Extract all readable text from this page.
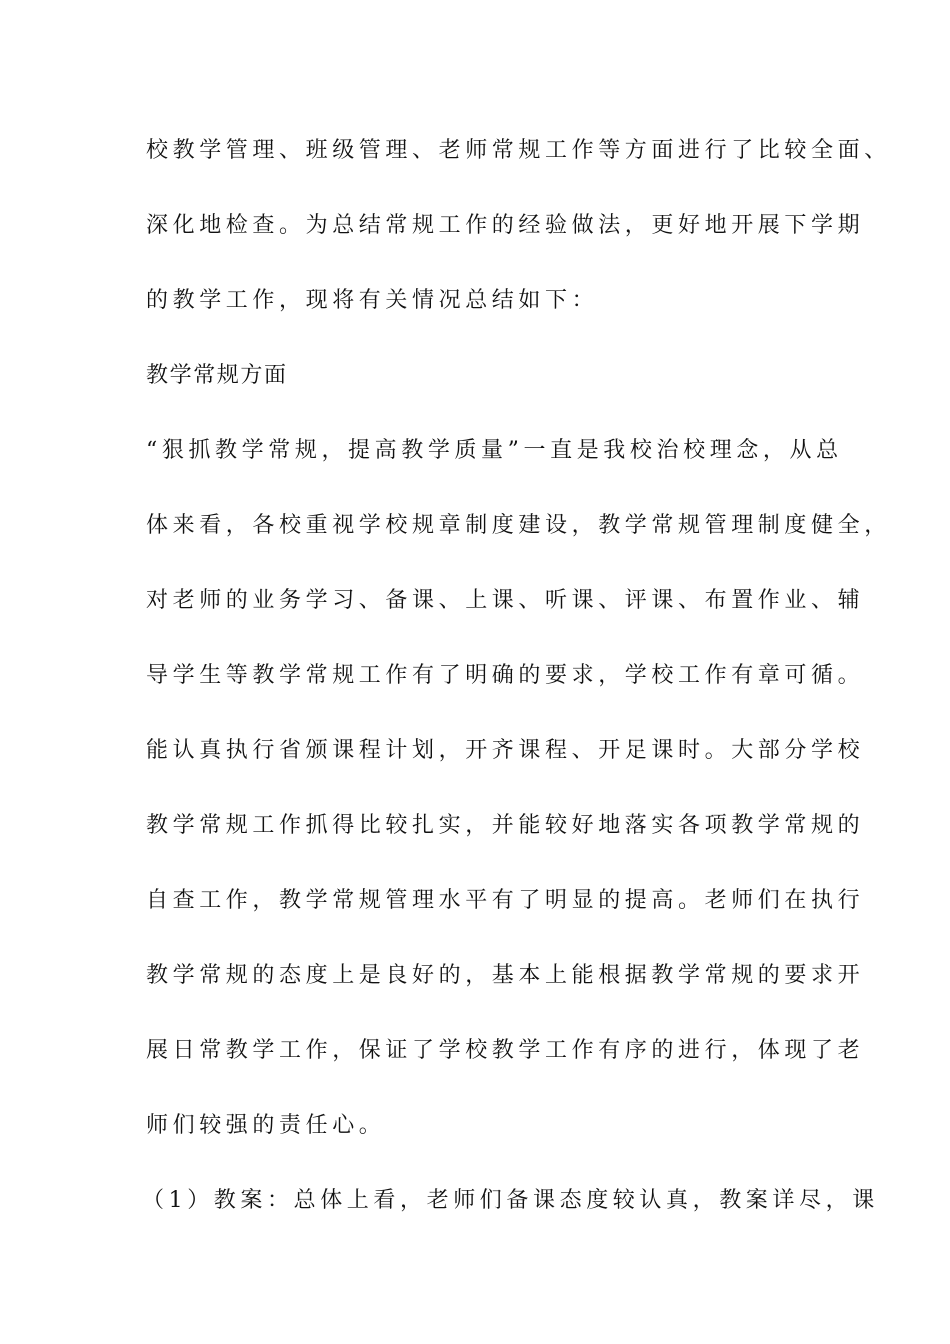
校教学管理、班级管理、老师常规工作等方面进行了比较全面、
深化地检查。为总结常规工作的经验做法，更好地开展下学期
的教学工作，现将有关情况总结如下：
教学常规方面
“狠抓教学常规，提高教学质量”一直是我校治校理念，从总
体来看，各校重视学校规章制度建设，教学常规管理制度健全，
对老师的业务学习、备课、上课、听课、评课、布置作业、辅
导学生等教学常规工作有了明确的要求，学校工作有章可循。
能认真执行省颁课程计划，开齐课程、开足课时。大部分学校
教学常规工作抓得比较扎实，并能较好地落实各项教学常规的
自查工作，教学常规管理水平有了明显的提高。老师们在执行
教学常规的态度上是良好的，基本上能根据教学常规的要求开
展日常教学工作，保证了学校教学工作有序的进行，体现了老
师们较强的责任心。
（1）教案：总体上看，老师们备课态度较认真，教案详尽，课
